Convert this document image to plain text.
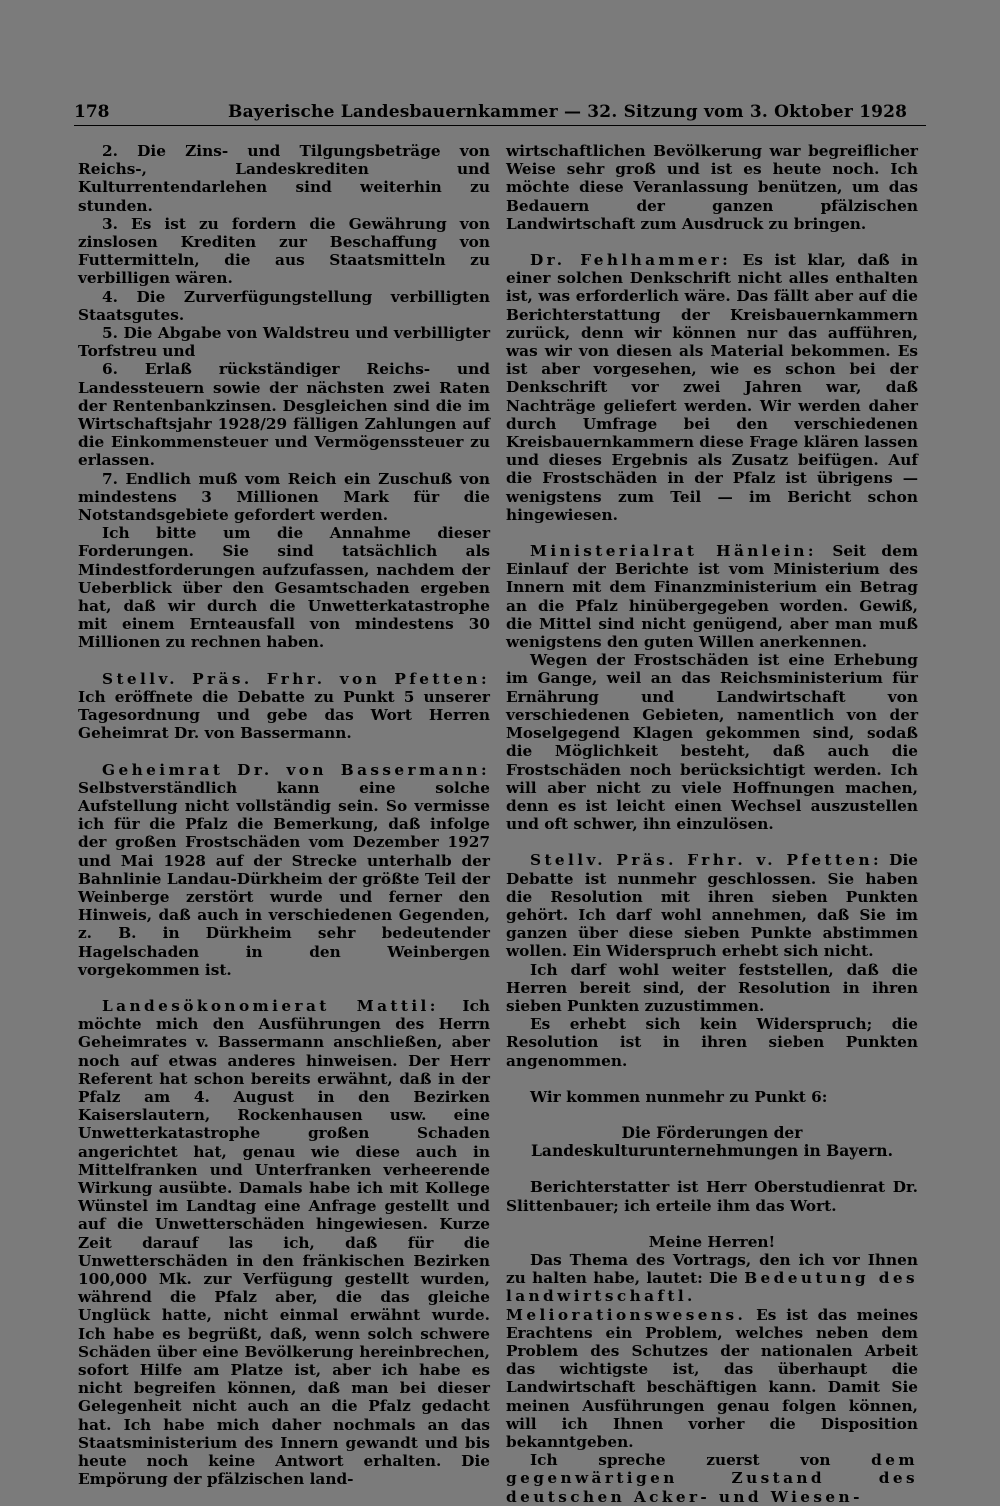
178	Bayerische Landesbauernkammer — 32. Sitzung vom 3. Oktober 1928

2. Die Zins- und Tilgungsbeträge von Reichs-, Landeskrediten und Kulturrentendarlehen sind weiterhin zu stunden.

3. Es ist zu fordern die Gewährung von zinslosen Krediten zur Beschaffung von Futtermitteln, die aus Staatsmitteln zu verbilligen wären.

4. Die Zurverfügungstellung verbilligten Staatsgutes.

5. Die Abgabe von Waldstreu und verbilligter Torfstreu und

6. Erlaß rückständiger Reichs- und Landessteuern sowie der nächsten zwei Raten der Rentenbankzinsen. Desgleichen sind die im Wirtschaftsjahr 1928/29 fälligen Zahlungen auf die Einkommensteuer und Vermögenssteuer zu erlassen.

7. Endlich muß vom Reich ein Zuschuß von mindestens 3 Millionen Mark für die Notstandsgebiete gefordert werden.

Ich bitte um die Annahme dieser Forderungen. Sie sind tatsächlich als Mindestforderungen aufzufassen, nachdem der Ueberblick über den Gesamtschaden ergeben hat, daß wir durch die Unwetterkatastrophe mit einem Ernteausfall von mindestens 30 Millionen zu rechnen haben.

Stellv. Präs. Frhr. von Pfetten: Ich eröffnete die Debatte zu Punkt 5 unserer Tagesordnung und gebe das Wort Herren Geheimrat Dr. von Bassermann.

Geheimrat Dr. von Bassermann: Selbstverständlich kann eine solche Aufstellung nicht vollständig sein. So vermisse ich für die Pfalz die Bemerkung, daß infolge der großen Frostschäden vom Dezember 1927 und Mai 1928 auf der Strecke unterhalb der Bahnlinie Landau-Dürkheim der größte Teil der Weinberge zerstört wurde und ferner den Hinweis, daß auch in verschiedenen Gegenden, z. B. in Dürkheim sehr bedeutender Hagelschaden in den Weinbergen vorgekommen ist.

Landesökonomierat Mattil: Ich möchte mich den Ausführungen des Herrn Geheimrates v. Bassermann anschließen, aber noch auf etwas anderes hinweisen. Der Herr Referent hat schon bereits erwähnt, daß in der Pfalz am 4. August in den Bezirken Kaiserslautern, Rockenhausen usw. eine Unwetterkatastrophe großen Schaden angerichtet hat, genau wie diese auch in Mittelfranken und Unterfranken verheerende Wirkung ausübte. Damals habe ich mit Kollege Wünstel im Landtag eine Anfrage gestellt und auf die Unwetterschäden hingewiesen. Kurze Zeit darauf las ich, daß für die Unwetterschäden in den fränkischen Bezirken 100,000 Mk. zur Verfügung gestellt wurden, während die Pfalz aber, die das gleiche Unglück hatte, nicht einmal erwähnt wurde. Ich habe es begrüßt, daß, wenn solch schwere Schäden über eine Bevölkerung hereinbrechen, sofort Hilfe am Platze ist, aber ich habe es nicht begreifen können, daß man bei dieser Gelegenheit nicht auch an die Pfalz gedacht hat. Ich habe mich daher nochmals an das Staatsministerium des Innern gewandt und bis heute noch keine Antwort erhalten. Die Empörung der pfälzischen land-

wirtschaftlichen Bevölkerung war begreiflicher Weise sehr groß und ist es heute noch. Ich möchte diese Veranlassung benützen, um das Bedauern der ganzen pfälzischen Landwirtschaft zum Ausdruck zu bringen.

Dr. Fehlhammer: Es ist klar, daß in einer solchen Denkschrift nicht alles enthalten ist, was erforderlich wäre. Das fällt aber auf die Berichterstattung der Kreisbauernkammern zurück, denn wir können nur das aufführen, was wir von diesen als Material bekommen. Es ist aber vorgesehen, wie es schon bei der Denkschrift vor zwei Jahren war, daß Nachträge geliefert werden. Wir werden daher durch Umfrage bei den verschiedenen Kreisbauernkammern diese Frage klären lassen und dieses Ergebnis als Zusatz beifügen. Auf die Frostschäden in der Pfalz ist übrigens — wenigstens zum Teil — im Bericht schon hingewiesen.

Ministerialrat Hänlein: Seit dem Einlauf der Berichte ist vom Ministerium des Innern mit dem Finanzministerium ein Betrag an die Pfalz hinübergegeben worden. Gewiß, die Mittel sind nicht genügend, aber man muß wenigstens den guten Willen anerkennen.

Wegen der Frostschäden ist eine Erhebung im Gange, weil an das Reichsministerium für Ernährung und Landwirtschaft von verschiedenen Gebieten, namentlich von der Moselgegend Klagen gekommen sind, sodaß die Möglichkeit besteht, daß auch die Frostschäden noch berücksichtigt werden. Ich will aber nicht zu viele Hoffnungen machen, denn es ist leicht einen Wechsel auszustellen und oft schwer, ihn einzulösen.

Stellv. Präs. Frhr. v. Pfetten: Die Debatte ist nunmehr geschlossen. Sie haben die Resolution mit ihren sieben Punkten gehört. Ich darf wohl annehmen, daß Sie im ganzen über diese sieben Punkte abstimmen wollen. Ein Widerspruch erhebt sich nicht.

Ich darf wohl weiter feststellen, daß die Herren bereit sind, der Resolution in ihren sieben Punkten zuzustimmen.

Es erhebt sich kein Widerspruch; die Resolution ist in ihren sieben Punkten angenommen.

Wir kommen nunmehr zu Punkt 6:

Die Förderungen der Landeskulturunternehmungen in Bayern.

Berichterstatter ist Herr Oberstudienrat Dr. Slittenbauer; ich erteile ihm das Wort.

Meine Herren!

Das Thema des Vortrags, den ich vor Ihnen zu halten habe, lautet: Die Bedeutung des landwirtschaftl. Meliorationswesens. Es ist das meines Erachtens ein Problem, welches neben dem Problem des Schutzes der nationalen Arbeit das wichtigste ist, das überhaupt die Landwirtschaft beschäftigen kann. Damit Sie meinen Ausführungen genau folgen können, will ich Ihnen vorher die Disposition bekanntgeben.

Ich spreche zuerst von dem gegenwärtigen Zustand des deutschen Acker- und Wiesen-
